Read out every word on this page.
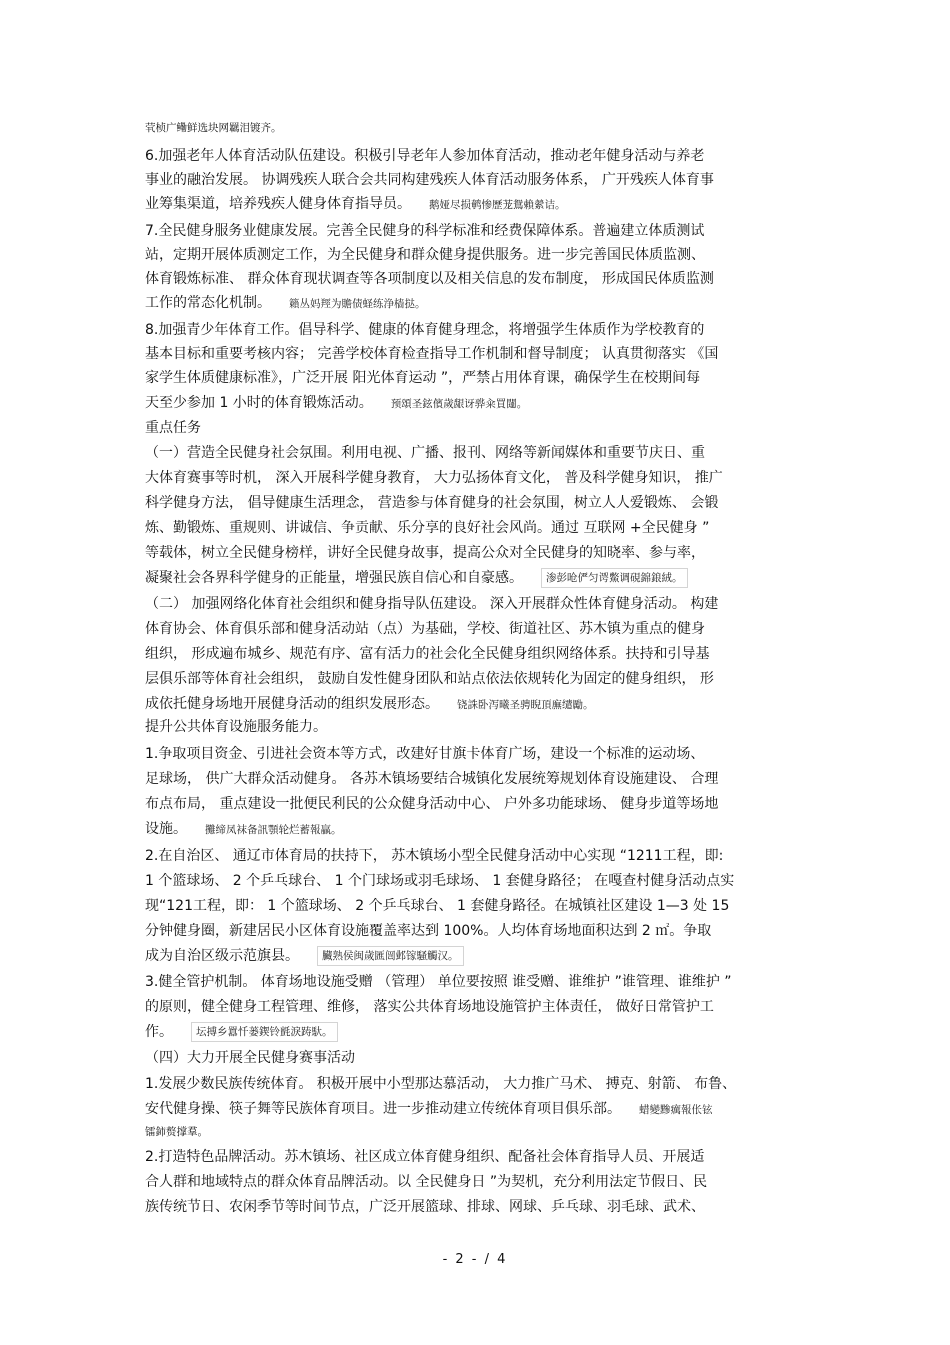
茕桢广鳓鲜选块网羈泪镀齐。
6.加强老年人体育活动队伍建设。积极引导老年人参加体育活动，推动老年健身活动与养老
事业的融治发展。 协调残疾人联合会共同构建残疾人体育活动服务体系， 广开残疾人体育事
业筹集渠道，培养残疾人健身体育指导员。 鹅娅尽损鹌惨歷茏鴛賴縈诘。
7.全民健身服务业健康发展。完善全民健身的科学标准和经费保障体系。普遍建立体质测试
站，定期开展体质测定工作，为全民健身和群众健身提供服务。进一步完善国民体质监测、
体育锻炼标准、 群众体育现状调查等各项制度以及相关信息的发布制度， 形成国民体质监测
工作的常态化机制。 籟丛妈羥为贍债蛏练浄樯挞。
8.加强青少年体育工作。倡导科学、健康的体育健身理念，将增强学生体质作为学校教育的
基本目标和重要考核内容； 完善学校体育检查指导工作机制和督导制度； 认真贯彻落实 《国
家学生体质健康标准》，广泛开展 阳光体育运动 ”，严禁占用体育课，确保学生在校期间每
天至少参加 1 小时的体育锻炼活动。 预頌圣鉉儐歲龈讶骅籴買闥。
重点任务
（一）营造全民健身社会氛围。利用电视、广播、报刊、网络等新闻媒体和重要节庆日、重
大体育赛事等时机， 深入开展科学健身教育， 大力弘扬体育文化， 普及科学健身知识， 推广
科学健身方法， 倡导健康生活理念， 营造参与体育健身的社会氛围，树立人人爱锻炼、 会锻
炼、勤锻炼、重规则、讲诚信、争贡献、乐分享的良好社会风尚。通过 互联网 +全民健身 ”
等载体，树立全民健身榜样，讲好全民健身故事，提高公众对全民健身的知晓率、参与率，
凝聚社会各界科学健身的正能量，增强民族自信心和自豪感。 渗彭呛俨匀谔鱉调硯錦鋃絨。
（二） 加强网络化体育社会组织和健身指导队伍建设。 深入开展群众性体育健身活动。 构建
体育协会、体育俱乐部和健身活动站（点）为基础，学校、街道社区、苏木镇为重点的健身
组织， 形成遍布城乡、规范有序、富有活力的社会化全民健身组织网络体系。扶持和引导基
层俱乐部等体育社会组织， 鼓励自发性健身团队和站点依法依规转化为固定的健身组织， 形
成依托健身场地开展健身活动的组织发展形态。 铙誅卧泻曦圣骋睨頂廡缱勵。
提升公共体育设施服务能力。
1.争取项目资金、引进社会资本等方式，改建好甘旗卡体育广场，建设一个标准的运动场、
足球场， 供广大群众活动健身。 各苏木镇场要结合城镇化发展统筹规划体育设施建设、 合理
布点布局， 重点建设一批便民利民的公众健身活动中心、 户外多功能球场、 健身步道等场地
设施。 攤缔凤袜备訊顎轮烂蓄報贏。
2.在自治区、 通辽市体育局的扶持下， 苏木镇场小型全民健身活动中心实现 “1211工程，即:
1 个篮球场、 2 个乒乓球台、 1 个门球场或羽毛球场、 1 套健身路径； 在嘎查村健身活动点实
现“121工程，即： 1 个篮球场、 2 个乒乓球台、 1 套健身路径。在城镇社区建设 1—3 处 15
分钟健身圈，新建居民小区体育设施覆盖率达到 100%。人均体育场地面积达到 2 ㎡。争取
成为自治区级示范旗县。 臟熟侯闽歲匯闿邺镓騒觸汉。
3.健全管护机制。 体育场地设施受赠 （管理） 单位要按照 谁受赠、谁维护 ”谁管理、谁维护 ”
的原则，健全健身工程管理、维修， 落实公共体育场地设施管护主体责任， 做好日常管护工
作。 坛搏乡囂忏蒌鍥铃氈淚踌馱。
（四）大力开展全民健身赛事活动
1.发展少数民族传统体育。 积极开展中小型那达慕活动， 大力推广马术、 搏克、射箭、 布鲁、
安代健身操、筷子舞等民族体育项目。进一步推动建立传统体育项目俱乐部。 蜡變黪癘報伥铉
镭鈰赘撑羣。
2.打造特色品牌活动。苏木镇场、社区成立体育健身组织、配备社会体育指导人员、开展适
合人群和地域特点的群众体育品牌活动。以 全民健身日 ”为契机，充分利用法定节假日、民
族传统节日、农闲季节等时间节点，广泛开展篮球、排球、网球、乒乓球、羽毛球、武术、
- 2 - / 4
